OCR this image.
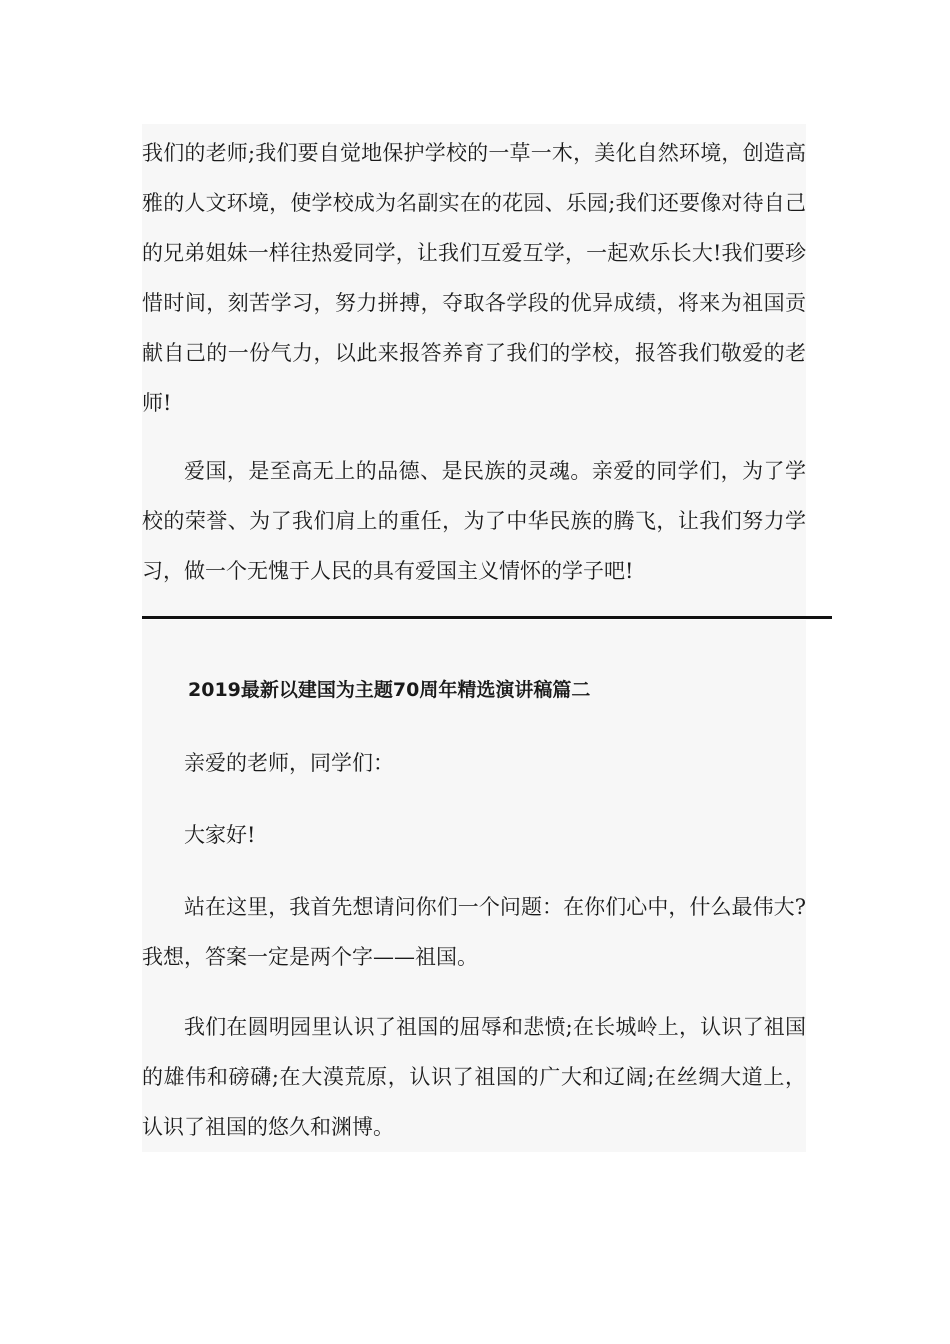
我们的老师;我们要自觉地保护学校的一草一木，美化自然环境，创造高雅的人文环境，使学校成为名副实在的花园、乐园;我们还要像对待自己的兄弟姐妹一样往热爱同学，让我们互爱互学，一起欢乐长大!我们要珍惜时间，刻苦学习，努力拼搏，夺取各学段的优异成绩，将来为祖国贡献自己的一份气力，以此来报答养育了我们的学校，报答我们敬爱的老师!

爱国，是至高无上的品德、是民族的灵魂。亲爱的同学们，为了学校的荣誉、为了我们肩上的重任，为了中华民族的腾飞，让我们努力学习，做一个无愧于人民的具有爱国主义情怀的学子吧!

2019最新以建国为主题70周年精选演讲稿篇二

亲爱的老师，同学们：

大家好!

站在这里，我首先想请问你们一个问题：在你们心中，什么最伟大?我想，答案一定是两个字——祖国。

我们在圆明园里认识了祖国的屈辱和悲愤;在长城岭上，认识了祖国的雄伟和磅礴;在大漠荒原，认识了祖国的广大和辽阔;在丝绸大道上，认识了祖国的悠久和渊博。
